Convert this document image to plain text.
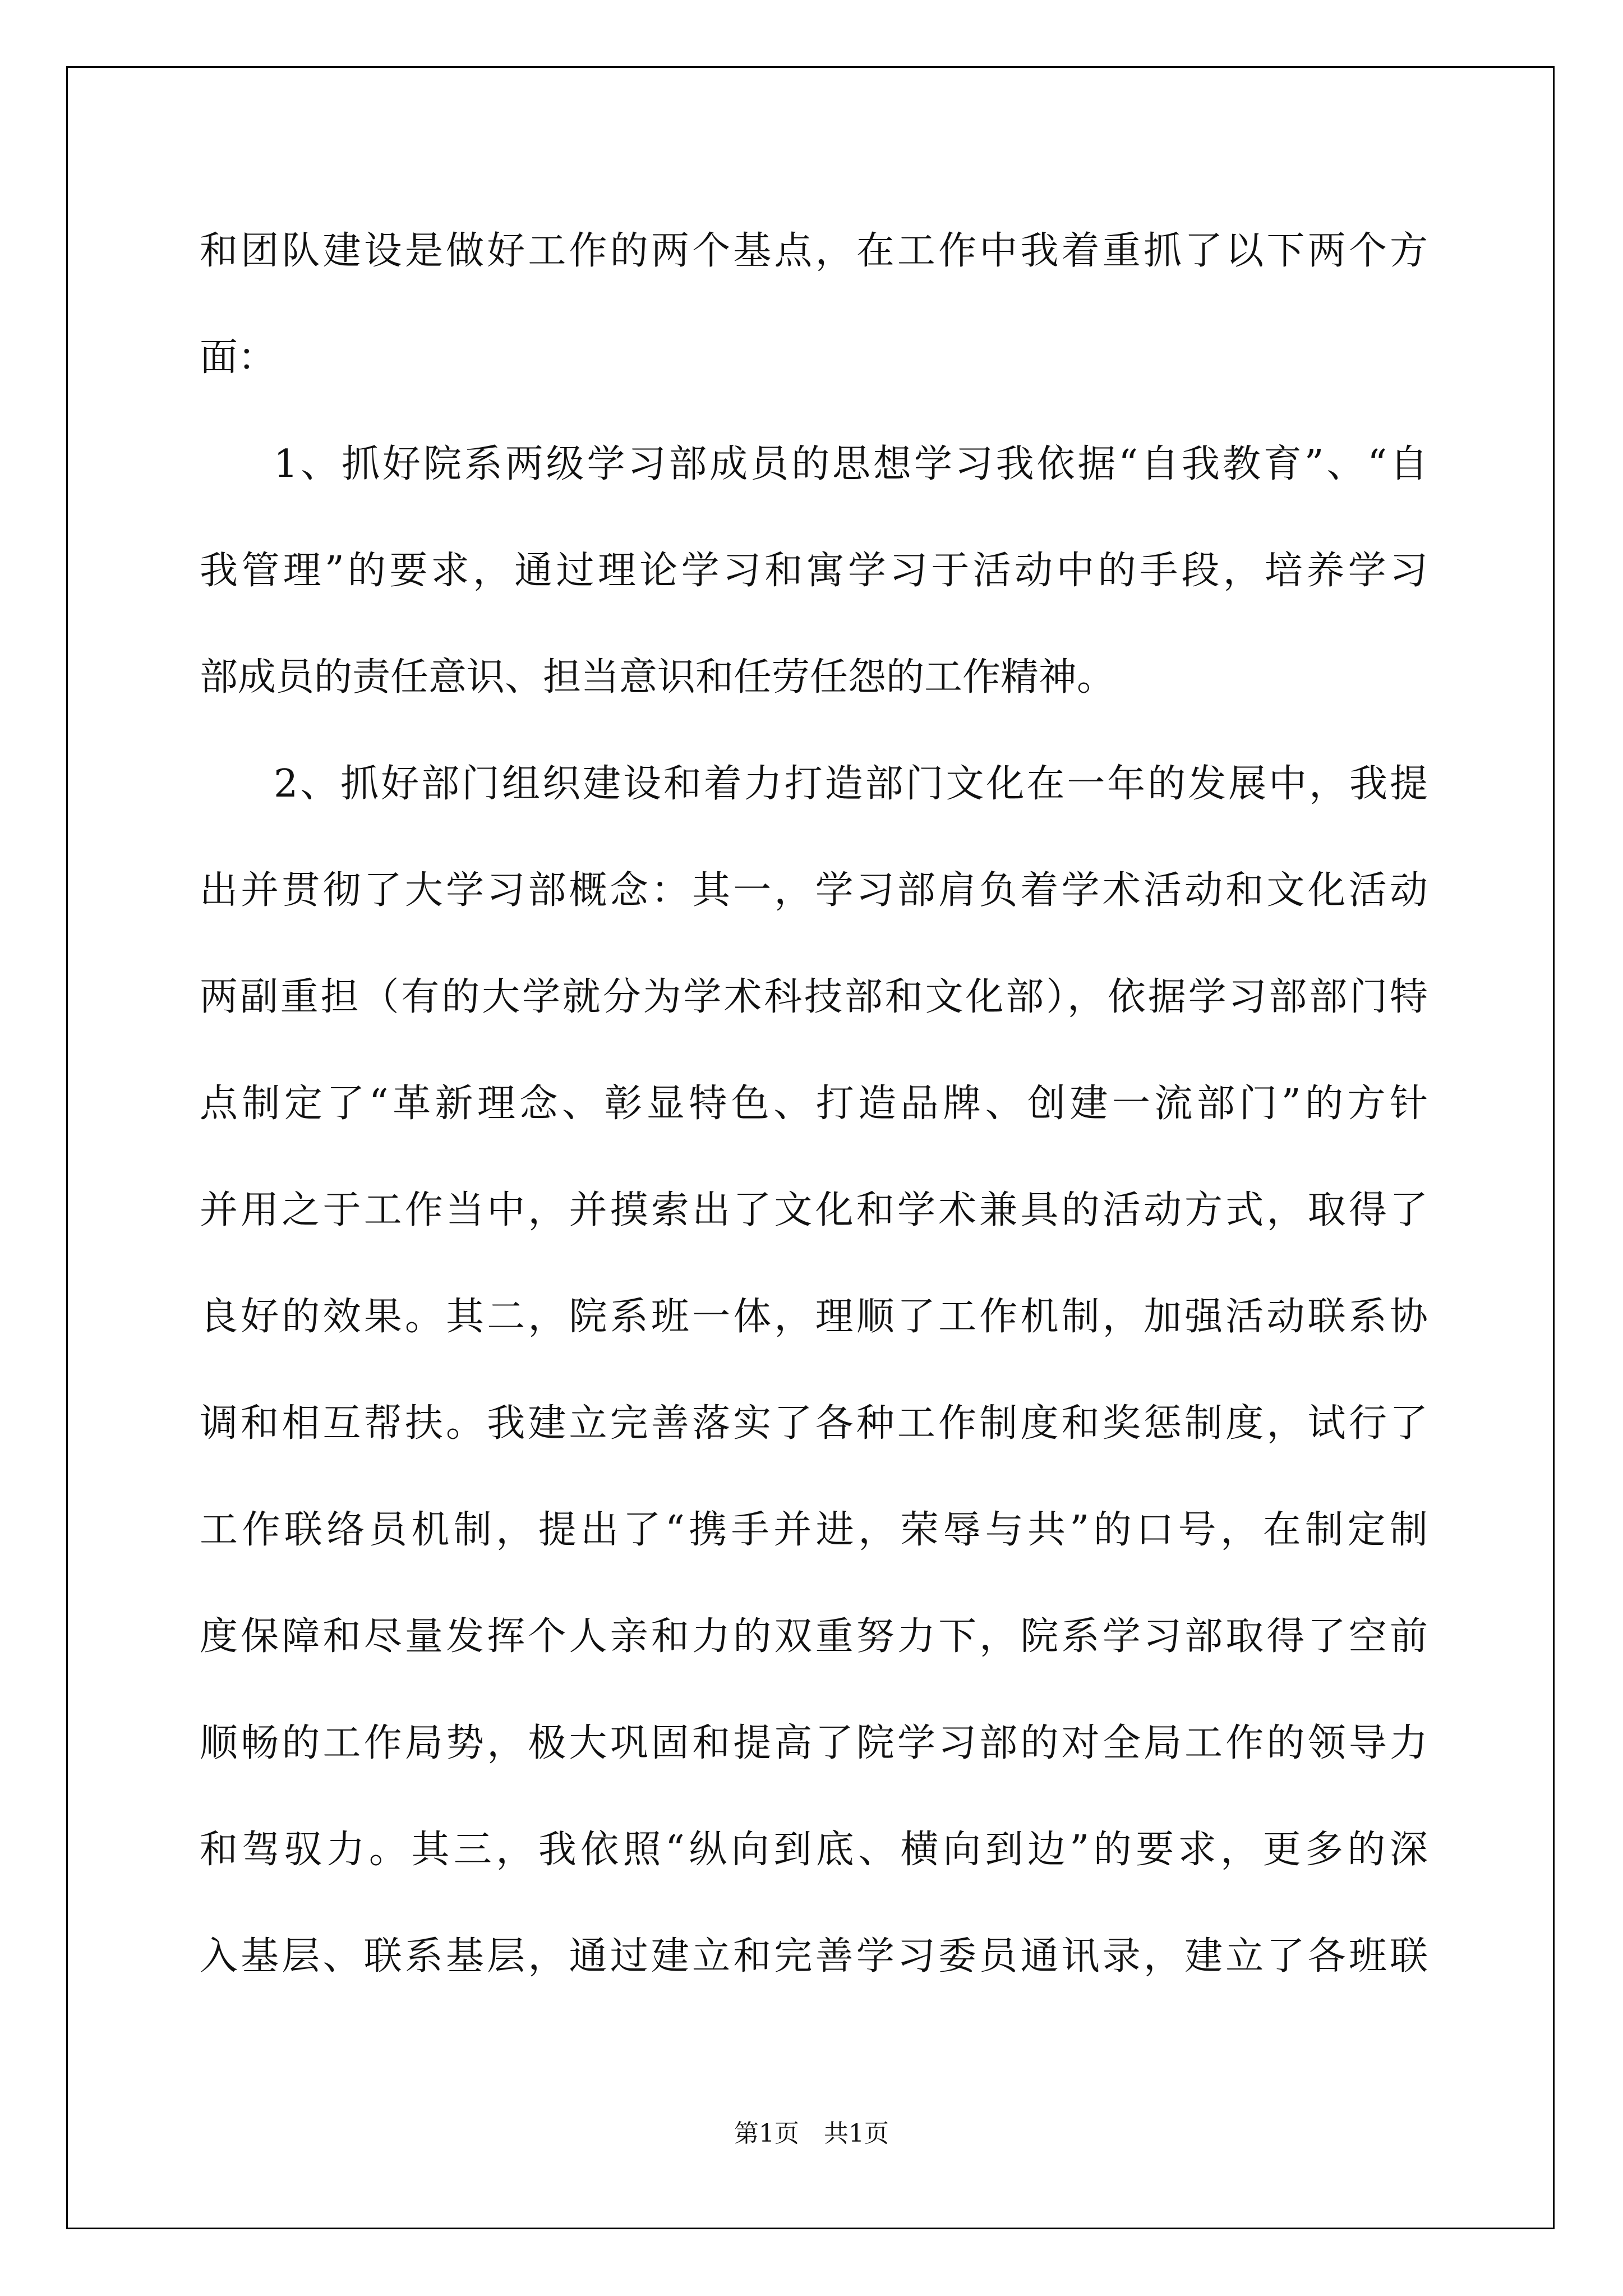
和团队建设是做好工作的两个基点，在工作中我着重抓了以下两个方

面：

1、抓好院系两级学习部成员的思想学习我依据“自我教育”、“自

我管理”的要求，通过理论学习和寓学习于活动中的手段，培养学习

部成员的责任意识、担当意识和任劳任怨的工作精神。

2、抓好部门组织建设和着力打造部门文化在一年的发展中，我提

出并贯彻了大学习部概念：其一，学习部肩负着学术活动和文化活动

两副重担（有的大学就分为学术科技部和文化部），依据学习部部门特

点制定了“革新理念、彰显特色、打造品牌、创建一流部门”的方针

并用之于工作当中，并摸索出了文化和学术兼具的活动方式，取得了

良好的效果。其二，院系班一体，理顺了工作机制，加强活动联系协

调和相互帮扶。我建立完善落实了各种工作制度和奖惩制度，试行了

工作联络员机制，提出了“携手并进，荣辱与共”的口号，在制定制

度保障和尽量发挥个人亲和力的双重努力下，院系学习部取得了空前

顺畅的工作局势，极大巩固和提高了院学习部的对全局工作的领导力

和驾驭力。其三，我依照“纵向到底、横向到边”的要求，更多的深

入基层、联系基层，通过建立和完善学习委员通讯录，建立了各班联

第1页　共1页
